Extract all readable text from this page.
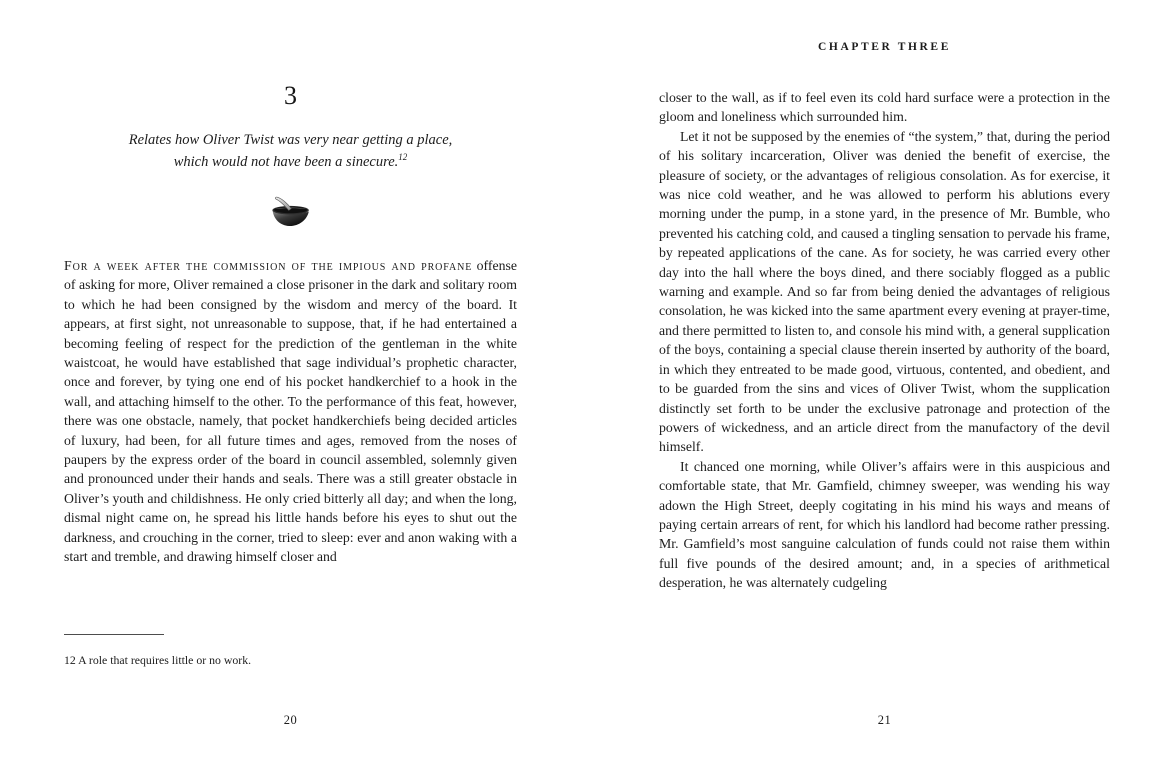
3
Relates how Oliver Twist was very near getting a place,
which would not have been a sinecure.$^{12}$

For a week after the commission of the impious and profane offense of asking for more, Oliver remained a close prisoner in the dark and solitary room to which he had been consigned by the wisdom and mercy of the board. It appears, at first sight, not unreasonable to suppose, that, if he had entertained a becoming feeling of respect for the prediction of the gentleman in the white waistcoat, he would have established that sage individual’s prophetic character, once and forever, by tying one end of his pocket handkerchief to a hook in the wall, and attaching himself to the other. To the performance of this feat, however, there was one obstacle, namely, that pocket handkerchiefs being decided articles of luxury, had been, for all future times and ages, removed from the noses of paupers by the express order of the board in council assembled, solemnly given and pronounced under their hands and seals. There was a still greater obstacle in Oliver’s youth and childishness. He only cried bitterly all day; and when the long, dismal night came on, he spread his little hands before his eyes to shut out the darkness, and crouching in the corner, tried to sleep: ever and anon waking with a start and tremble, and drawing himself closer and

12 A role that requires little or no work.

20
CHAPTER THREE

closer to the wall, as if to feel even its cold hard surface were a protection in the gloom and loneliness which surrounded him.

Let it not be supposed by the enemies of “the system,” that, during the period of his solitary incarceration, Oliver was denied the benefit of exercise, the pleasure of society, or the advantages of religious consolation. As for exercise, it was nice cold weather, and he was allowed to perform his ablutions every morning under the pump, in a stone yard, in the presence of Mr. Bumble, who prevented his catching cold, and caused a tingling sensation to pervade his frame, by repeated applications of the cane. As for society, he was carried every other day into the hall where the boys dined, and there sociably flogged as a public warning and example. And so far from being denied the advantages of religious consolation, he was kicked into the same apartment every evening at prayer-time, and there permitted to listen to, and console his mind with, a general supplication of the boys, containing a special clause therein inserted by authority of the board, in which they entreated to be made good, virtuous, contented, and obedient, and to be guarded from the sins and vices of Oliver Twist, whom the supplication distinctly set forth to be under the exclusive patronage and protection of the powers of wickedness, and an article direct from the manufactory of the devil himself.

It chanced one morning, while Oliver’s affairs were in this auspicious and comfortable state, that Mr. Gamfield, chimney sweeper, was wending his way adown the High Street, deeply cogitating in his mind his ways and means of paying certain arrears of rent, for which his landlord had become rather pressing. Mr. Gamfield’s most sanguine calculation of funds could not raise them within full five pounds of the desired amount; and, in a species of arithmetical desperation, he was alternately cudgeling

21
